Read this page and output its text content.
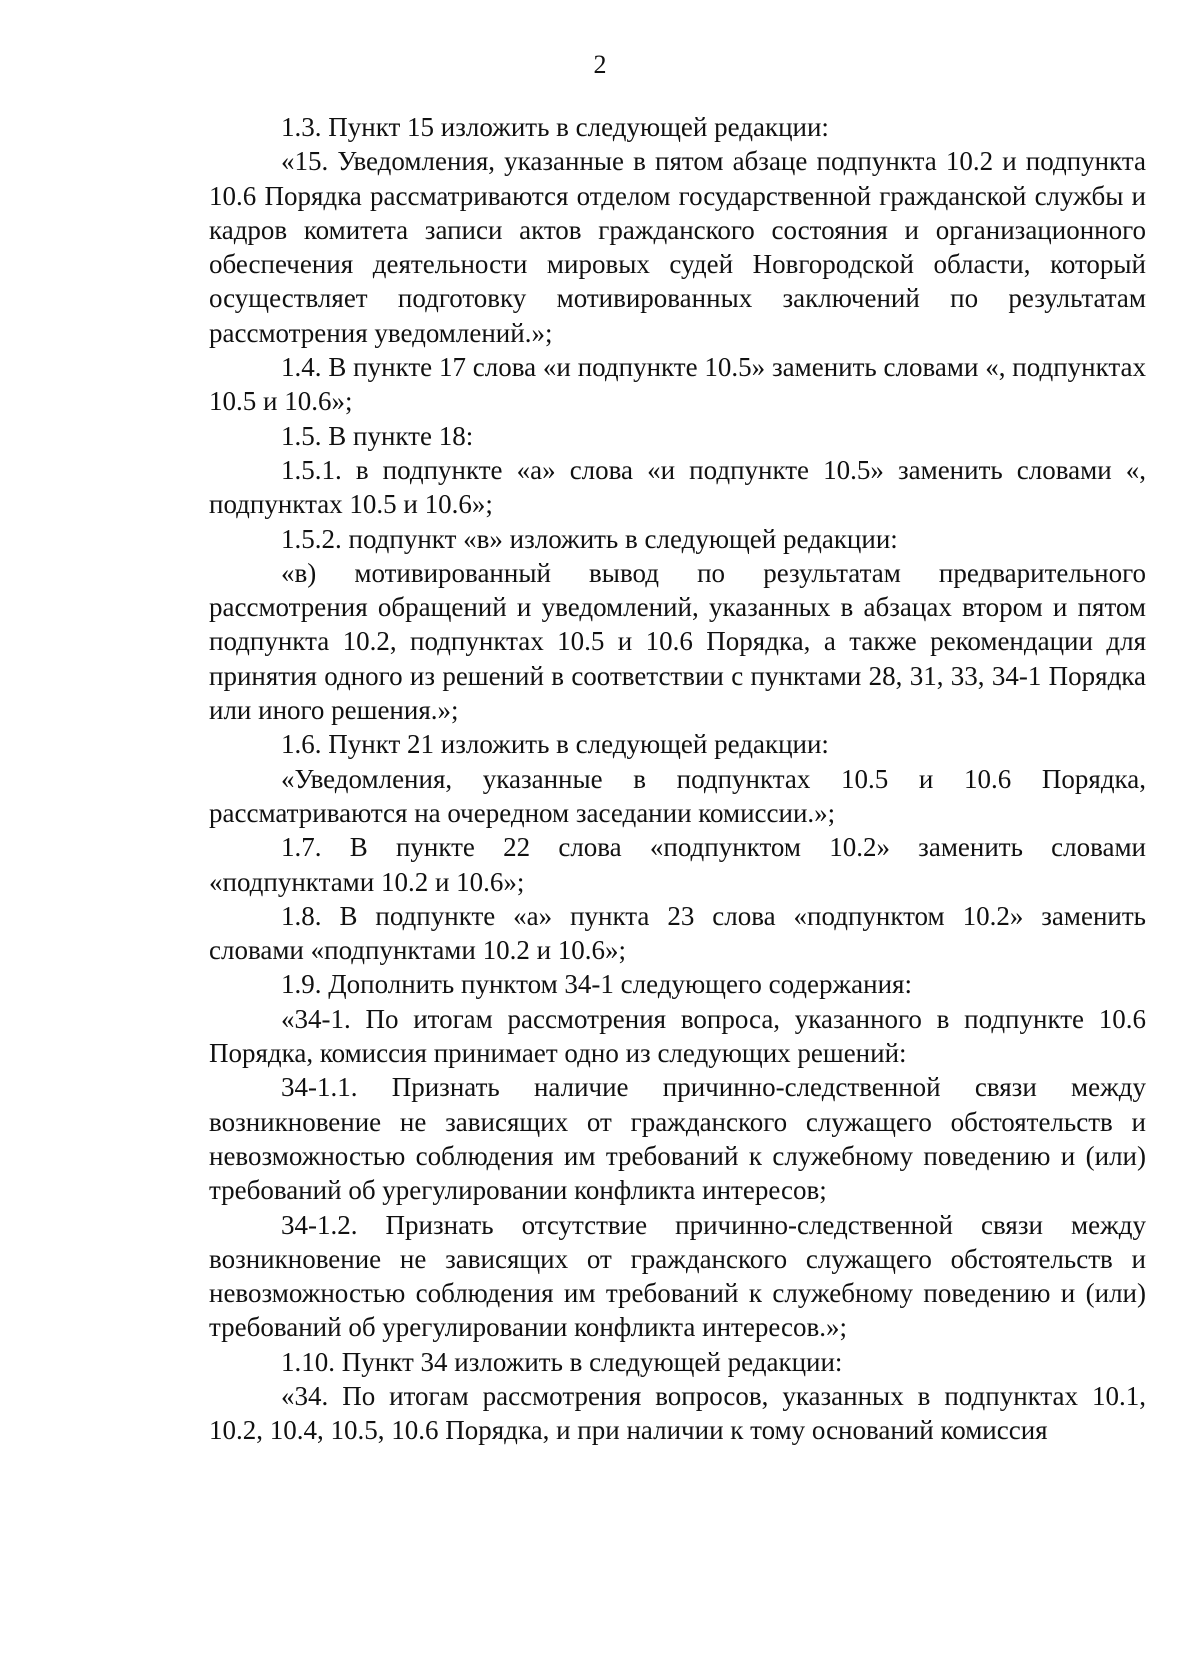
2

1.3. Пункт 15 изложить в следующей редакции:

«15. Уведомления, указанные в пятом абзаце подпункта 10.2 и подпункта 10.6 Порядка рассматриваются отделом государственной гражданской службы и кадров комитета записи актов гражданского состояния и организационного обеспечения деятельности мировых судей Новгородской области, который осуществляет подготовку мотивированных заключений по результатам рассмотрения уведомлений.»;

1.4. В пункте 17 слова «и подпункте 10.5» заменить словами «, подпунктах 10.5 и 10.6»;

1.5. В пункте 18:

1.5.1. в подпункте «а» слова «и подпункте 10.5» заменить словами «, подпунктах 10.5 и 10.6»;

1.5.2. подпункт «в» изложить в следующей редакции:

«в) мотивированный вывод по результатам предварительного рассмотрения обращений и уведомлений, указанных в абзацах втором и пятом подпункта 10.2, подпунктах 10.5 и 10.6 Порядка, а также рекомендации для принятия одного из решений в соответствии с пунктами 28, 31, 33, 34-1 Порядка или иного решения.»;

1.6. Пункт 21 изложить в следующей редакции:

«Уведомления, указанные в подпунктах 10.5 и 10.6 Порядка, рассматриваются на очередном заседании комиссии.»;

1.7. В пункте 22 слова «подпунктом 10.2» заменить словами «подпунктами 10.2 и 10.6»;

1.8. В подпункте «а» пункта 23 слова «подпунктом 10.2» заменить словами «подпунктами 10.2 и 10.6»;

1.9. Дополнить пунктом 34-1 следующего содержания:

«34-1. По итогам рассмотрения вопроса, указанного в подпункте 10.6 Порядка, комиссия принимает одно из следующих решений:

34-1.1. Признать наличие причинно-следственной связи между возникновение не зависящих от гражданского служащего обстоятельств и невозможностью соблюдения им требований к служебному поведению и (или) требований об урегулировании конфликта интересов;

34-1.2. Признать отсутствие причинно-следственной связи между возникновение не зависящих от гражданского служащего обстоятельств и невозможностью соблюдения им требований к служебному поведению и (или) требований об урегулировании конфликта интересов.»;

1.10. Пункт 34 изложить в следующей редакции:

«34. По итогам рассмотрения вопросов, указанных в подпунктах 10.1, 10.2, 10.4, 10.5, 10.6 Порядка, и при наличии к тому оснований комиссия
